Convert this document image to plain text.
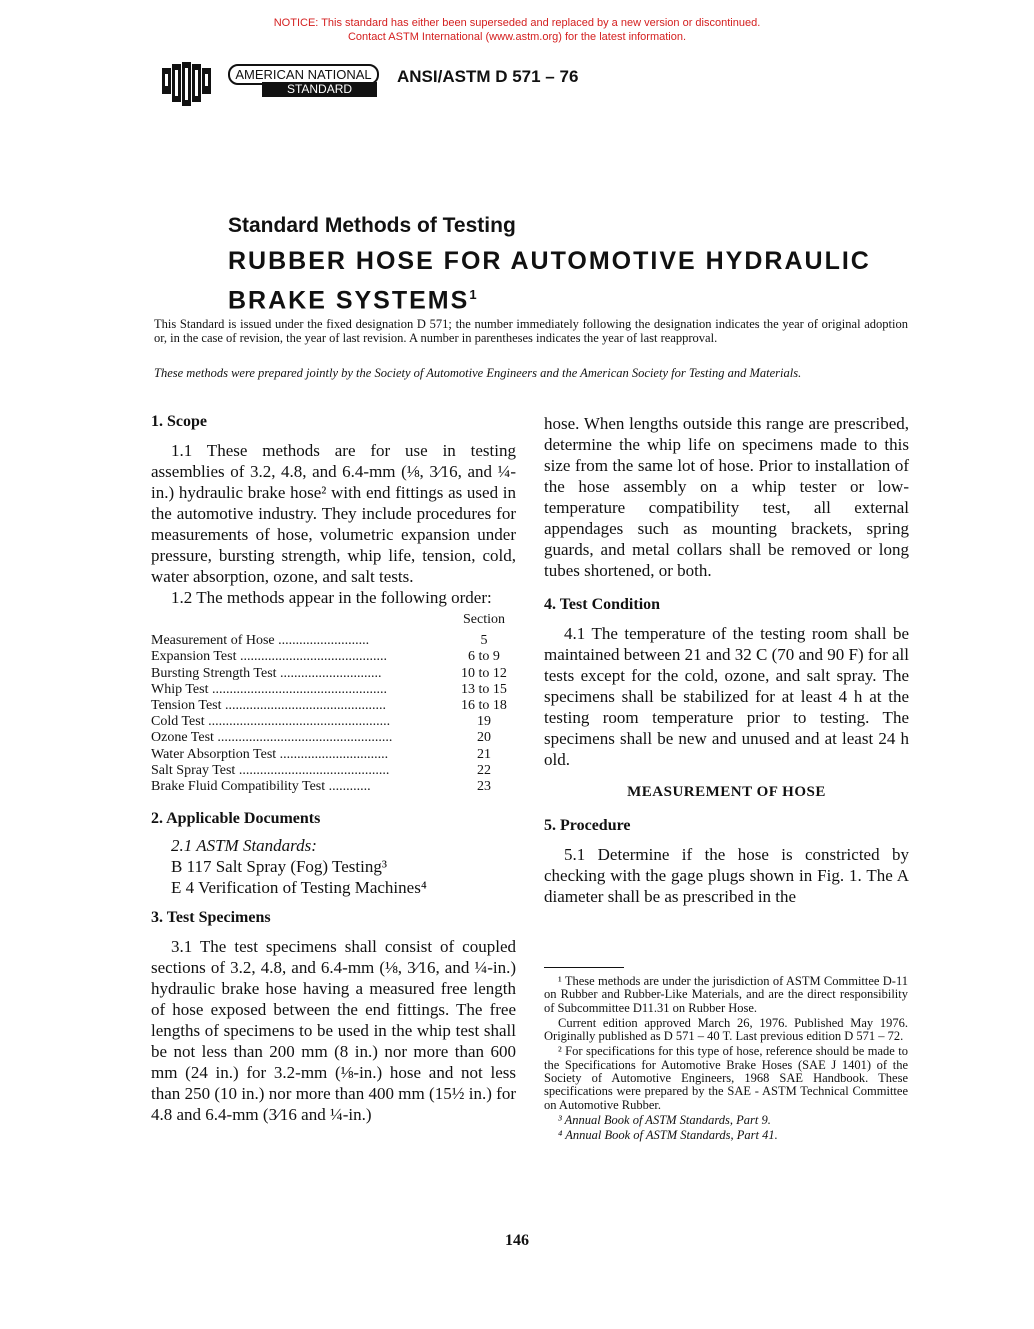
NOTICE: This standard has either been superseded and replaced by a new version or discontinued.
Contact ASTM International (www.astm.org) for the latest information.
AMERICAN NATIONAL
STANDARD
ANSI/ASTM D 571 – 76
Standard Methods of Testing
RUBBER HOSE FOR AUTOMOTIVE HYDRAULIC
BRAKE SYSTEMS$^1$
This Standard is issued under the fixed designation D 571; the number immediately following the designation indicates the year of original adoption or, in the case of revision, the year of last revision. A number in parentheses indicates the year of last reapproval.
These methods were prepared jointly by the Society of Automotive Engineers and the American Society for Testing and Materials.
1. Scope

1.1 These methods are for use in testing assemblies of 3.2, 4.8, and 6.4-mm (⅛, 3⁄16, and ¼-in.) hydraulic brake hose² with end fittings as used in the automotive industry. They include procedures for measurements of hose, volumetric expansion under pressure, bursting strength, whip life, tension, cold, water absorption, ozone, and salt tests.

1.2 The methods appear in the following order:

Section
Measurement of Hose ..........................	5
Expansion Test ..........................................	6 to 9
Bursting Strength Test .............................	10 to 12
Whip Test ..................................................	13 to 15
Tension Test ..............................................	16 to 18
Cold Test ....................................................	19
Ozone Test ..................................................	20
Water Absorption Test ...............................	21
Salt Spray Test ...........................................	22
Brake Fluid Compatibility Test ............	23
2. Applicable Documents

2.1 ASTM Standards:

B 117 Salt Spray (Fog) Testing³

E 4 Verification of Testing Machines⁴

3. Test Specimens

3.1 The test specimens shall consist of coupled sections of 3.2, 4.8, and 6.4-mm (⅛, 3⁄16, and ¼-in.) hydraulic brake hose having a measured free length of hose exposed between the end fittings. The free lengths of specimens to be used in the whip test shall be not less than 200 mm (8 in.) nor more than 600 mm (24 in.) for 3.2-mm (⅛-in.) hose and not less than 250 (10 in.) nor more than 400 mm (15½ in.) for 4.8 and 6.4-mm (3⁄16 and ¼-in.)

hose. When lengths outside this range are prescribed, determine the whip life on specimens made to this size from the same lot of hose. Prior to installation of the hose assembly on a whip tester or low-temperature compatibility test, all external appendages such as mounting brackets, spring guards, and metal collars shall be removed or long tubes shortened, or both.

4. Test Condition

4.1 The temperature of the testing room shall be maintained between 21 and 32 C (70 and 90 F) for all tests except for the cold, ozone, and salt spray. The specimens shall be stabilized for at least 4 h at the testing room temperature prior to testing. The specimens shall be new and unused and at least 24 h old.

MEASUREMENT OF HOSE
5. Procedure

5.1 Determine if the hose is constricted by checking with the gage plugs shown in Fig. 1. The A diameter shall be as prescribed in the

¹ These methods are under the jurisdiction of ASTM Committee D-11 on Rubber and Rubber-Like Materials, and are the direct responsibility of Subcommittee D11.31 on Rubber Hose.

Current edition approved March 26, 1976. Published May 1976. Originally published as D 571 – 40 T. Last previous edition D 571 – 72.

² For specifications for this type of hose, reference should be made to the Specifications for Automotive Brake Hoses (SAE J 1401) of the Society of Automotive Engineers, 1968 SAE Handbook. These specifications were prepared by the SAE - ASTM Technical Committee on Automotive Rubber.

³ Annual Book of ASTM Standards, Part 9.

⁴ Annual Book of ASTM Standards, Part 41.

146
